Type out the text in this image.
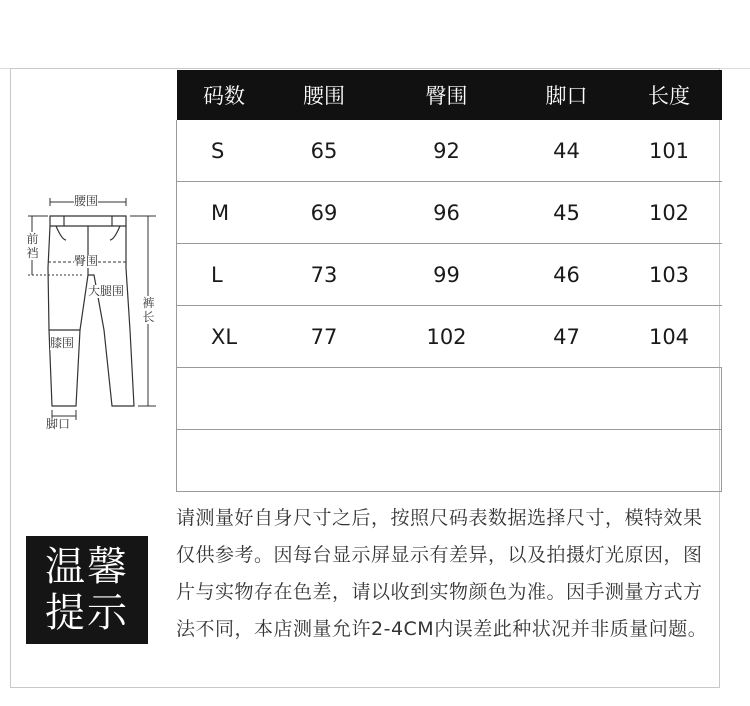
码数	腰围	臀围	脚口	长度
S	65	92	44	101
M	69	96	45	102
L	73	99	46	103
XL	77	102	47	104

腰围
前裆
臀围
大腿围
裤长
膝围
脚口
温馨
提示
请测量好自身尺寸之后，按照尺码表数据选择尺寸，模特效果仅供参考。因每台显示屏显示有差异，以及拍摄灯光原因，图片与实物存在色差，请以收到实物颜色为准。因手测量方式方法不同，本店测量允许2-4CM内误差此种状况并非质量问题。
